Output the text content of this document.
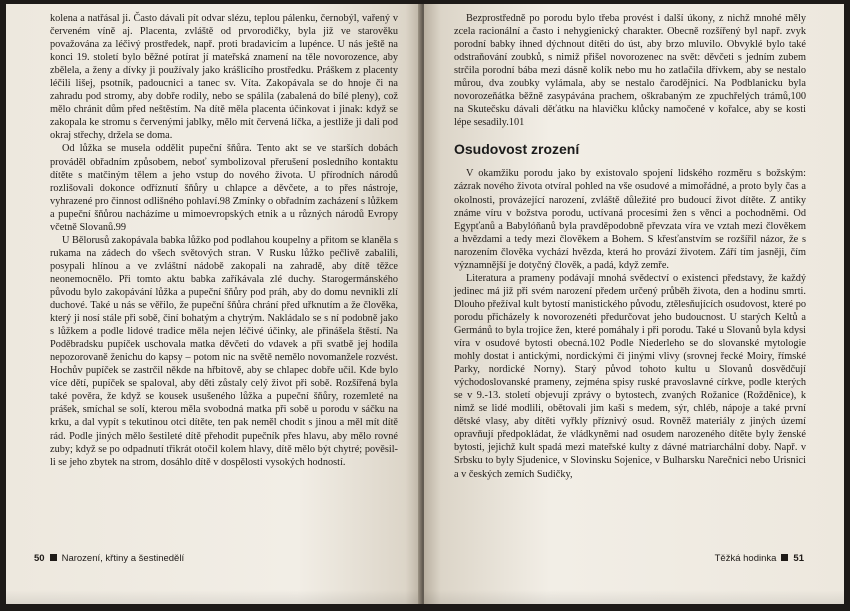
kolena a natřásal ji. Často dávali pít odvar slézu, teplou pálenku, černobýl, vařený v červeném víně aj. Placenta, zvláště od prvorodičky, byla již ve starověku považována za léčivý prostředek, např. proti bradavicím a lupénce. U nás ještě na konci 19. století bylo běžné potírat jí mateřská znamení na těle novorozence, aby zbělela, a ženy a dívky ji používaly jako krášlicího prostředku. Práškem z placenty léčili lišej, psotník, padoucnici a tanec sv. Víta. Zakopávala se do hnoje či na zahradu pod stromy, aby dobře rodily, nebo se spálila (zabalená do bílé pleny), což mělo chránit dům před neštěstím. Na dítě měla placenta účinkovat i jinak: když se zakopala ke stromu s červenými jablky, mělo mít červená líčka, a jestliže ji dali pod okraj střechy, držela se doma.

Od lůžka se musela oddělit pupeční šňůra. Tento akt se ve starších dobách prováděl obřadním způsobem, neboť symbolizoval přerušení posledního kontaktu dítěte s matčiným tělem a jeho vstup do nového života. U přírodních národů rozlišovali dokonce odříznutí šňůry u chlapce a děvčete, a to přes nástroje, vyhrazené pro činnost odlišného pohlaví.98 Zmínky o obřadním zacházení s lůžkem a pupeční šňůrou nacházíme u mimoevropských etnik a u různých národů Evropy včetně Slovanů.99

U Bělorusů zakopávala babka lůžko pod podlahou koupelny a přitom se klaněla s rukama na zádech do všech světových stran. V Rusku lůžko pečlivě zabalili, posypali hlínou a ve zvláštní nádobě zakopali na zahradě, aby dítě těžce neonemocnělo. Při tomto aktu babka zaříkávala zlé duchy. Starogermánského původu bylo zakopávání lůžka a pupeční šňůry pod práh, aby do domu nevnikli zlí duchové. Také u nás se věřilo, že pupeční šňůra chrání před uřknutím a že člověka, který ji nosí stále při sobě, činí bohatým a chytrým. Nakládalo se s ní podobně jako s lůžkem a podle lidové tradice měla nejen léčivé účinky, ale přinášela štěstí. Na Poděbradsku pupíček uschovala matka děvčeti do vdavek a při svatbě jej hodila nepozorovaně ženichu do kapsy – potom nic na světě nemělo novomanžele rozvést. Hochův pupíček se zastrčil někde na hřbitově, aby se chlapec dobře učil. Kde bylo více dětí, pupíček se spaloval, aby děti zůstaly celý život při sobě. Rozšířená byla také pověra, že když se kousek usušeného lůžka a pupeční šňůry, rozemleté na prášek, smíchal se solí, kterou měla svobodná matka při sobě u porodu v sáčku na krku, a dal vypít s tekutinou otci dítěte, ten pak neměl chodit s jinou a měl mít dítě rád. Podle jiných mělo šestileté dítě přehodit pupečník přes hlavu, aby mělo rovné zuby; když se po odpadnutí třikrát otočil kolem hlavy, dítě mělo být chytré; pověsil-li se jeho zbytek na strom, dosáhlo dítě v dospělosti vysokých hodností.

50 Narození, křtiny a šestinedělí

Bezprostředně po porodu bylo třeba provést i další úkony, z nichž mnohé měly zcela racionální a často i nehygienický charakter. Obecně rozšířený byl např. zvyk porodní babky ihned dýchnout dítěti do úst, aby brzo mluvilo. Obvyklé bylo také odstraňování zoubků, s nimiž přišel novorozenec na svět: děvčeti s jedním zubem strčila porodní bába mezi dásně kolík nebo mu ho zatlačila dřívkem, aby se nestalo můrou, dva zoubky vylámala, aby se nestalo čarodějnicí. Na Podblanicku byla novorozeňátka běžně zasypávána prachem, oškrabaným ze zpuchřelých trámů,100 na Skutečsku dávali děťátku na hlavičku klůcky namočené v kořalce, aby se kosti lépe sesadily.101

Osudovost zrození

V okamžiku porodu jako by existovalo spojení lidského rozměru s božským: zázrak nového života otvíral pohled na vše osudové a mimořádné, a proto byly čas a okolnosti, provázející narození, zvláště důležité pro budoucí život dítěte. Z antiky známe víru v božstva porodu, uctívaná procesími žen s věnci a pochodněmi. Od Egypťanů a Babylóňanů byla pravděpodobně převzata víra ve vztah mezi člověkem a hvězdami a tedy mezi člověkem a Bohem. S křesťanstvím se rozšířil názor, že s narozením člověka vychází hvězda, která ho provází životem. Září tím jasněji, čím významnější je dotyčný člověk, a padá, když zemře.

Literatura a prameny podávají mnohá svědectví o existenci představy, že každý jedinec má již při svém narození předem určený průběh života, den a hodinu smrti. Dlouho přežíval kult bytostí manistického původu, ztělesňujících osudovost, které po porodu přicházely k novorozenéti předurčovat jeho budoucnost. U starých Keltů a Germánů to byla trojice žen, které pomáhaly i při porodu. Také u Slovanů byla kdysi víra v osudové bytosti obecná.102 Podle Niederleho se do slovanské mytologie mohly dostat i antickými, nordickými či jinými vlivy (srovnej řecké Moiry, římské Parky, nordické Norny). Starý původ tohoto kultu u Slovanů dosvědčují východoslovanské prameny, zejména spisy ruské pravoslavné církve, podle kterých se v 9.-13. století objevují zprávy o bytostech, zvaných Rožanice (Rožděnice), k nimž se lidé modlili, obětovali jim kaši s medem, sýr, chléb, nápoje a také první dětské vlasy, aby dítěti vyřkly příznivý osud. Rovněž materiály z jiných území opravňují předpokládat, že vládkyněmi nad osudem narozeného dítěte byly ženské bytosti, jejichž kult spadá mezi mateřské kulty z dávné matriarchální doby. Např. v Srbsku to byly Sjudenice, v Slovinsku Sojenice, v Bulharsku Narečnici nebo Urisnici a v českých zemích Sudičky,

Těžká hodinka 51
